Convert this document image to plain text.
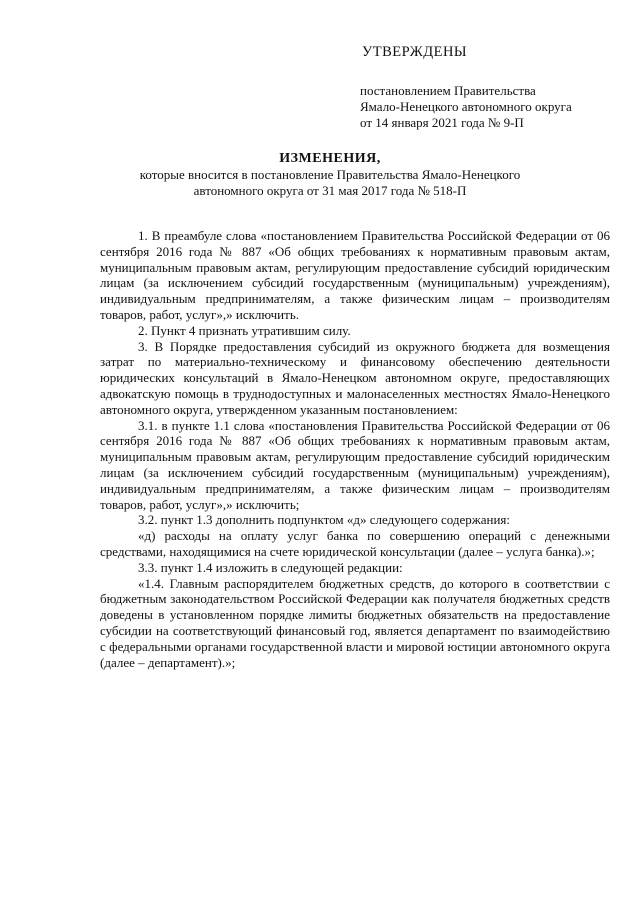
УТВЕРЖДЕНЫ
постановлением Правительства
Ямало-Ненецкого автономного округа
от 14 января 2021 года № 9-П
ИЗМЕНЕНИЯ,
которые вносится в постановление Правительства Ямало-Ненецкого
автономного округа от 31 мая 2017 года № 518-П

1. В преамбуле слова «постановлением Правительства Российской Федерации от 06 сентября 2016 года № 887 «Об общих требованиях к нормативным правовым актам, муниципальным правовым актам, регулирующим предоставление субсидий юридическим лицам (за исключением субсидий государственным (муниципальным) учреждениям), индивидуальным предпринимателям, а также физическим лицам – производителям товаров, работ, услуг»,» исключить.

2. Пункт 4 признать утратившим силу.

3. В Порядке предоставления субсидий из окружного бюджета для возмещения затрат по материально-техническому и финансовому обеспечению деятельности юридических консультаций в Ямало-Ненецком автономном округе, предоставляющих адвокатскую помощь в труднодоступных и малонаселенных местностях Ямало-Ненецкого автономного округа, утвержденном указанным постановлением:

3.1. в пункте 1.1 слова «постановления Правительства Российской Федерации от 06 сентября 2016 года № 887 «Об общих требованиях к нормативным правовым актам, муниципальным правовым актам, регулирующим предоставление субсидий юридическим лицам (за исключением субсидий государственным (муниципальным) учреждениям), индивидуальным предпринимателям, а также физическим лицам – производителям товаров, работ, услуг»,» исключить;

3.2. пункт 1.3 дополнить подпунктом «д» следующего содержания:

«д) расходы на оплату услуг банка по совершению операций с денежными средствами, находящимися на счете юридической консультации (далее – услуга банка).»;

3.3. пункт 1.4 изложить в следующей редакции:

«1.4. Главным распорядителем бюджетных средств, до которого в соответствии с бюджетным законодательством Российской Федерации как получателя бюджетных средств доведены в установленном порядке лимиты бюджетных обязательств на предоставление субсидии на соответствующий финансовый год, является департамент по взаимодействию с федеральными органами государственной власти и мировой юстиции автономного округа (далее – департамент).»;
